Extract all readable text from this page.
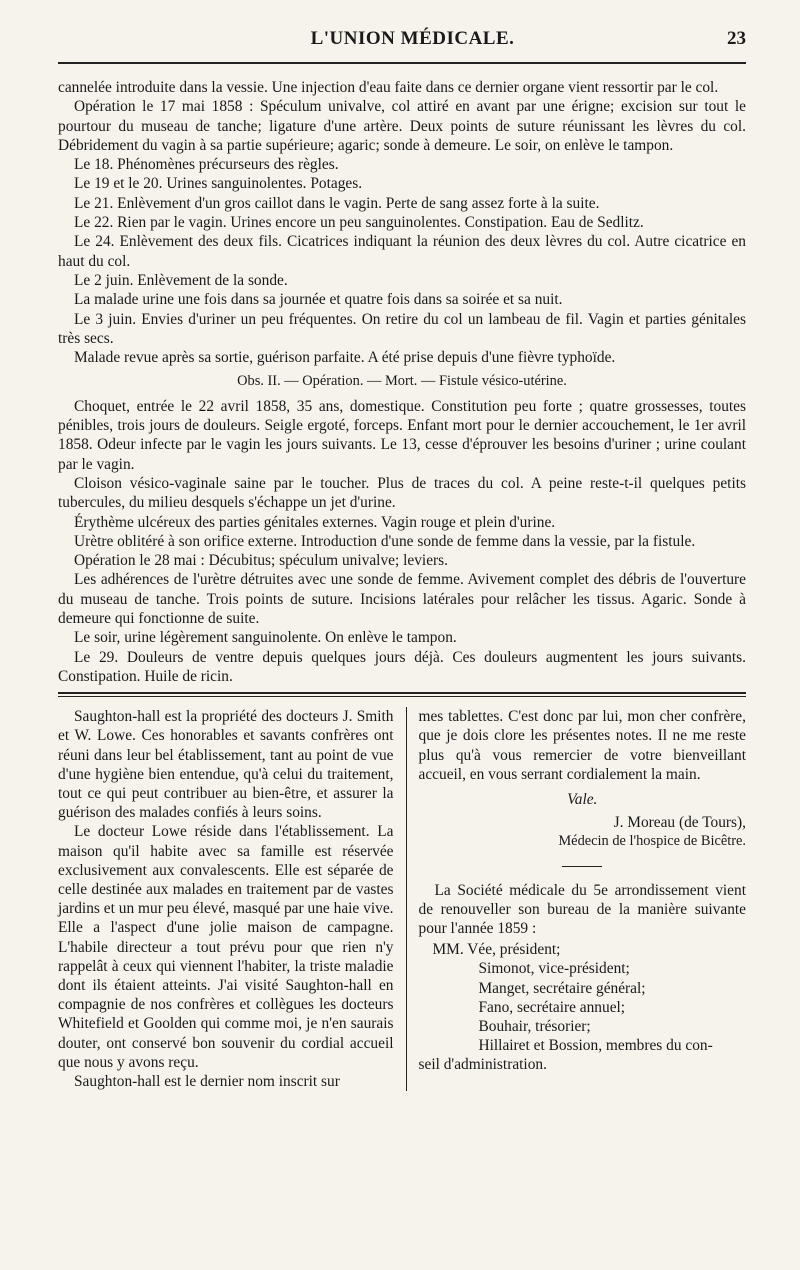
L'UNION MÉDICALE.	23

cannelée introduite dans la vessie. Une injection d'eau faite dans ce dernier organe vient ressortir par le col.

Opération le 17 mai 1858 : Spéculum univalve, col attiré en avant par une érigne; excision sur tout le pourtour du museau de tanche; ligature d'une artère. Deux points de suture réunissant les lèvres du col. Débridement du vagin à sa partie supérieure; agaric; sonde à demeure. Le soir, on enlève le tampon.

Le 18. Phénomènes précurseurs des règles.

Le 19 et le 20. Urines sanguinolentes. Potages.

Le 21. Enlèvement d'un gros caillot dans le vagin. Perte de sang assez forte à la suite.

Le 22. Rien par le vagin. Urines encore un peu sanguinolentes. Constipation. Eau de Sedlitz.

Le 24. Enlèvement des deux fils. Cicatrices indiquant la réunion des deux lèvres du col. Autre cicatrice en haut du col.

Le 2 juin. Enlèvement de la sonde.

La malade urine une fois dans sa journée et quatre fois dans sa soirée et sa nuit.

Le 3 juin. Envies d'uriner un peu fréquentes. On retire du col un lambeau de fil. Vagin et parties génitales très secs.

Malade revue après sa sortie, guérison parfaite. A été prise depuis d'une fièvre typhoïde.

Obs. II. — Opération. — Mort. — Fistule vésico-utérine.

Choquet, entrée le 22 avril 1858, 35 ans, domestique. Constitution peu forte ; quatre grossesses, toutes pénibles, trois jours de douleurs. Seigle ergoté, forceps. Enfant mort pour le dernier accouchement, le 1er avril 1858. Odeur infecte par le vagin les jours suivants. Le 13, cesse d'éprouver les besoins d'uriner ; urine coulant par le vagin.

Cloison vésico-vaginale saine par le toucher. Plus de traces du col. A peine reste-t-il quelques petits tubercules, du milieu desquels s'échappe un jet d'urine.

Érythème ulcéreux des parties génitales externes. Vagin rouge et plein d'urine.

Urètre oblitéré à son orifice externe. Introduction d'une sonde de femme dans la vessie, par la fistule.

Opération le 28 mai : Décubitus; spéculum univalve; leviers.

Les adhérences de l'urètre détruites avec une sonde de femme. Avivement complet des débris de l'ouverture du museau de tanche. Trois points de suture. Incisions latérales pour relâcher les tissus. Agaric. Sonde à demeure qui fonctionne de suite.

Le soir, urine légèrement sanguinolente. On enlève le tampon.

Le 29. Douleurs de ventre depuis quelques jours déjà. Ces douleurs augmentent les jours suivants. Constipation. Huile de ricin.

Saughton-hall est la propriété des docteurs J. Smith et W. Lowe. Ces honorables et savants confrères ont réuni dans leur bel établissement, tant au point de vue d'une hygiène bien entendue, qu'à celui du traitement, tout ce qui peut contribuer au bien-être, et assurer la guérison des malades confiés à leurs soins.

Le docteur Lowe réside dans l'établissement. La maison qu'il habite avec sa famille est réservée exclusivement aux convalescents. Elle est séparée de celle destinée aux malades en traitement par de vastes jardins et un mur peu élevé, masqué par une haie vive. Elle a l'aspect d'une jolie maison de campagne. L'habile directeur a tout prévu pour que rien n'y rappelât à ceux qui viennent l'habiter, la triste maladie dont ils étaient atteints. J'ai visité Saughton-hall en compagnie de nos confrères et collègues les docteurs Whitefield et Goolden qui comme moi, je n'en saurais douter, ont conservé bon souvenir du cordial accueil que nous y avons reçu.

Saughton-hall est le dernier nom inscrit sur

mes tablettes. C'est donc par lui, mon cher confrère, que je dois clore les présentes notes. Il ne me reste plus qu'à vous remercier de votre bienveillant accueil, en vous serrant cordialement la main.

Vale.

J. Moreau (de Tours),

Médecin de l'hospice de Bicêtre.

La Société médicale du 5e arrondissement vient de renouveller son bureau de la manière suivante pour l'année 1859 :

MM. Vée, président;
Simonot, vice-président;
Manget, secrétaire général;
Fano, secrétaire annuel;
Bouhair, trésorier;
Hillairet et Bossion, membres du con-
seil d'administration.
